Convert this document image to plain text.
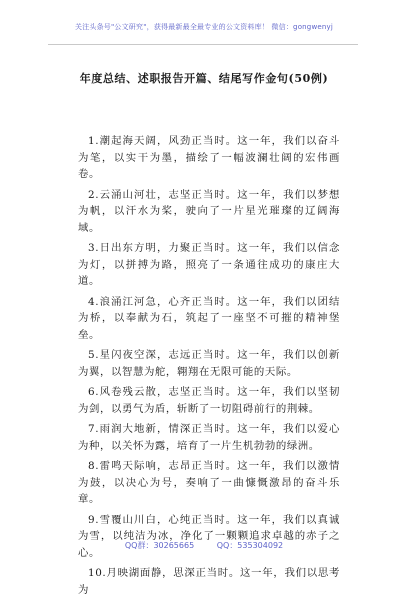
关注头条号"公文研究"，获得最新最全最专业的公文资料库！ 微信：gongwenyj
年度总结、述职报告开篇、结尾写作金句(50例)

1.潮起海天阔，风劲正当时。这一年，我们以奋斗为笔，以实干为墨，描绘了一幅波澜壮阔的宏伟画卷。

2.云涌山河壮，志坚正当时。这一年，我们以梦想为帆，以汗水为桨，驶向了一片星光璀璨的辽阔海域。

3.日出东方明，力聚正当时。这一年，我们以信念为灯，以拼搏为路，照亮了一条通往成功的康庄大道。

4.浪涌江河急，心齐正当时。这一年，我们以团结为桥，以奉献为石，筑起了一座坚不可摧的精神堡垒。

5.星闪夜空深，志远正当时。这一年，我们以创新为翼，以智慧为舵，翱翔在无限可能的天际。

6.风卷残云散，志坚正当时。这一年，我们以坚韧为剑，以勇气为盾，斩断了一切阻碍前行的荆棘。

7.雨润大地新，情深正当时。这一年，我们以爱心为种，以关怀为露，培育了一片生机勃勃的绿洲。

8.雷鸣天际响，志昂正当时。这一年，我们以激情为鼓，以决心为号，奏响了一曲慷慨激昂的奋斗乐章。

9.雪覆山川白，心纯正当时。这一年，我们以真诚为雪，以纯洁为冰，净化了一颗颗追求卓越的赤子之心。

10.月映湖面静，思深正当时。这一年，我们以思考为

QQ群：30265665	QQ：535304092
